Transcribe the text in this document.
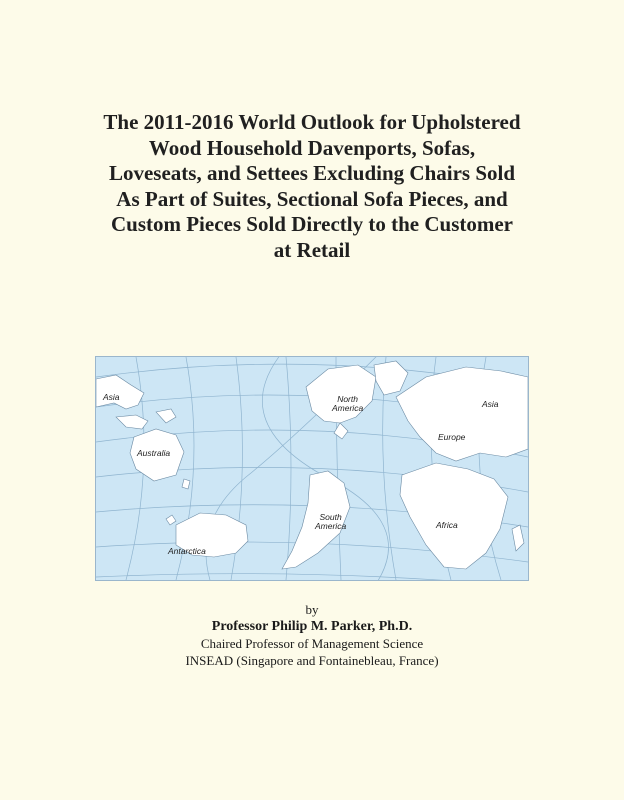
The 2011-2016 World Outlook for Upholstered
Wood Household Davenports, Sofas,
Loveseats, and Settees Excluding Chairs Sold
As Part of Suites, Sectional Sofa Pieces, and
Custom Pieces Sold Directly to the Customer
at Retail
Asia	North
America	Asia
Europe
Australia
South
America	Africa
Antarctica
by
Professor Philip M. Parker, Ph.D.
Chaired Professor of Management Science
INSEAD (Singapore and Fontainebleau, France)
